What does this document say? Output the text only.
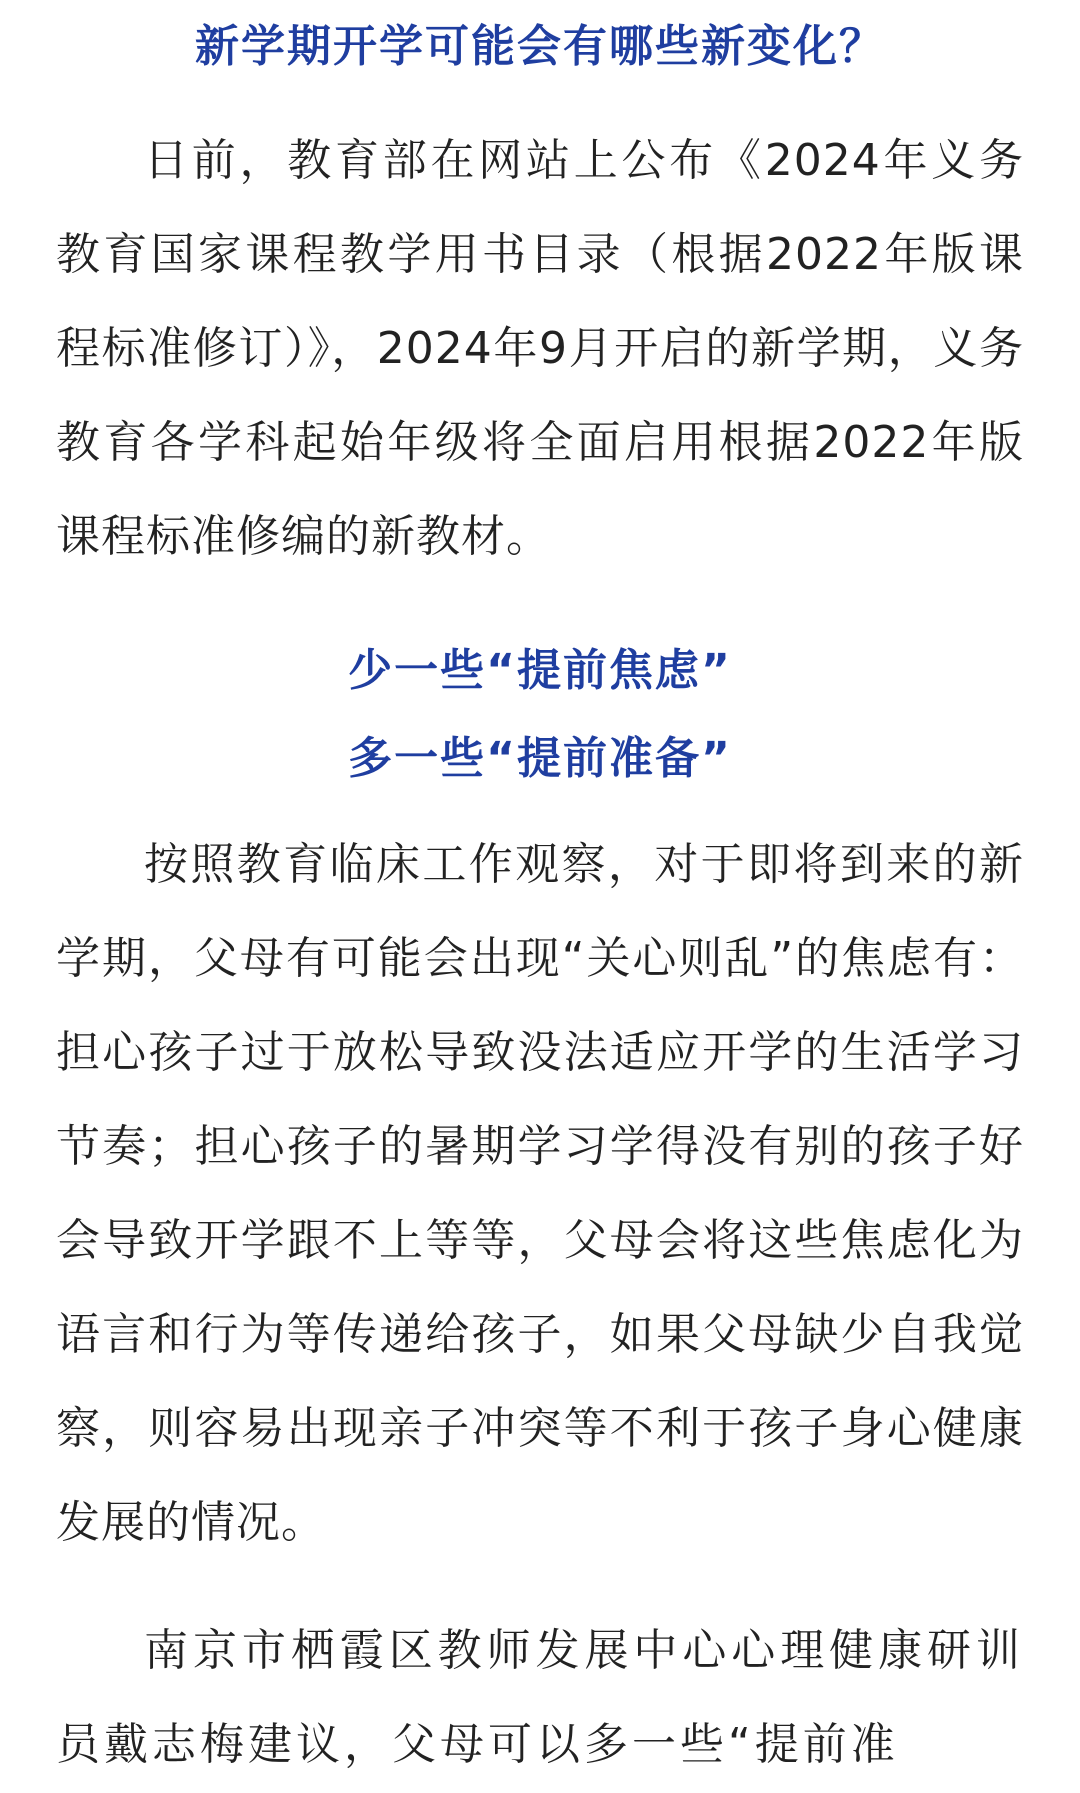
新学期开学可能会有哪些新变化？

日前，教育部在网站上公布《2024年义务教育国家课程教学用书目录（根据2022年版课程标准修订）》，2024年9月开启的新学期，义务教育各学科起始年级将全面启用根据2022年版课程标准修编的新教材。

少一些“提前焦虑”
多一些“提前准备”

按照教育临床工作观察，对于即将到来的新学期，父母有可能会出现“关心则乱”的焦虑有：担心孩子过于放松导致没法适应开学的生活学习节奏；担心孩子的暑期学习学得没有别的孩子好会导致开学跟不上等等，父母会将这些焦虑化为语言和行为等传递给孩子，如果父母缺少自我觉察，则容易出现亲子冲突等不利于孩子身心健康发展的情况。

南京市栖霞区教师发展中心心理健康研训员戴志梅建议，父母可以多一些“提前准
